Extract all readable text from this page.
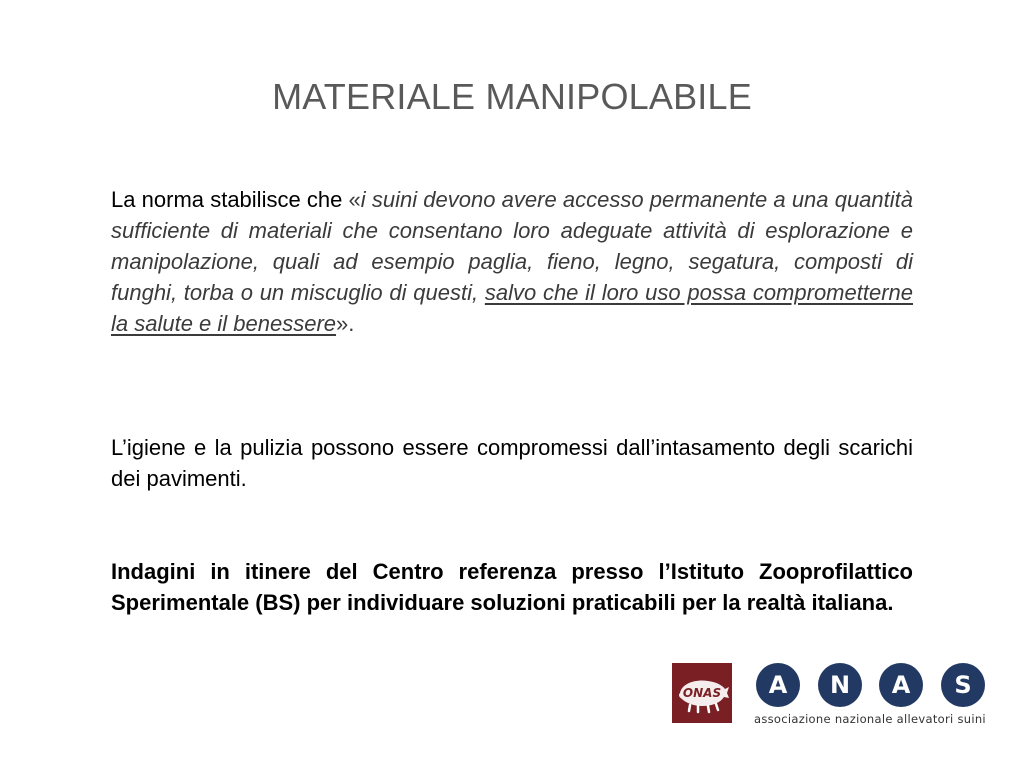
MATERIALE MANIPOLABILE
La norma stabilisce che «i suini devono avere accesso permanente a una quantità sufficiente di materiali che consentano loro adeguate attività di esplorazione e manipolazione, quali ad esempio paglia, fieno, legno, segatura, composti di funghi, torba o un miscuglio di questi, salvo che il loro uso possa comprometterne la salute e il benessere».
L’igiene e la pulizia possono essere compromessi dall’intasamento degli scarichi dei pavimenti.
Indagini in itinere del Centro referenza presso l’Istituto Zooprofilattico Sperimentale (BS) per individuare soluzioni praticabili per la realtà italiana.
ONAS	A	N	A	S
associazione nazionale allevatori suini
